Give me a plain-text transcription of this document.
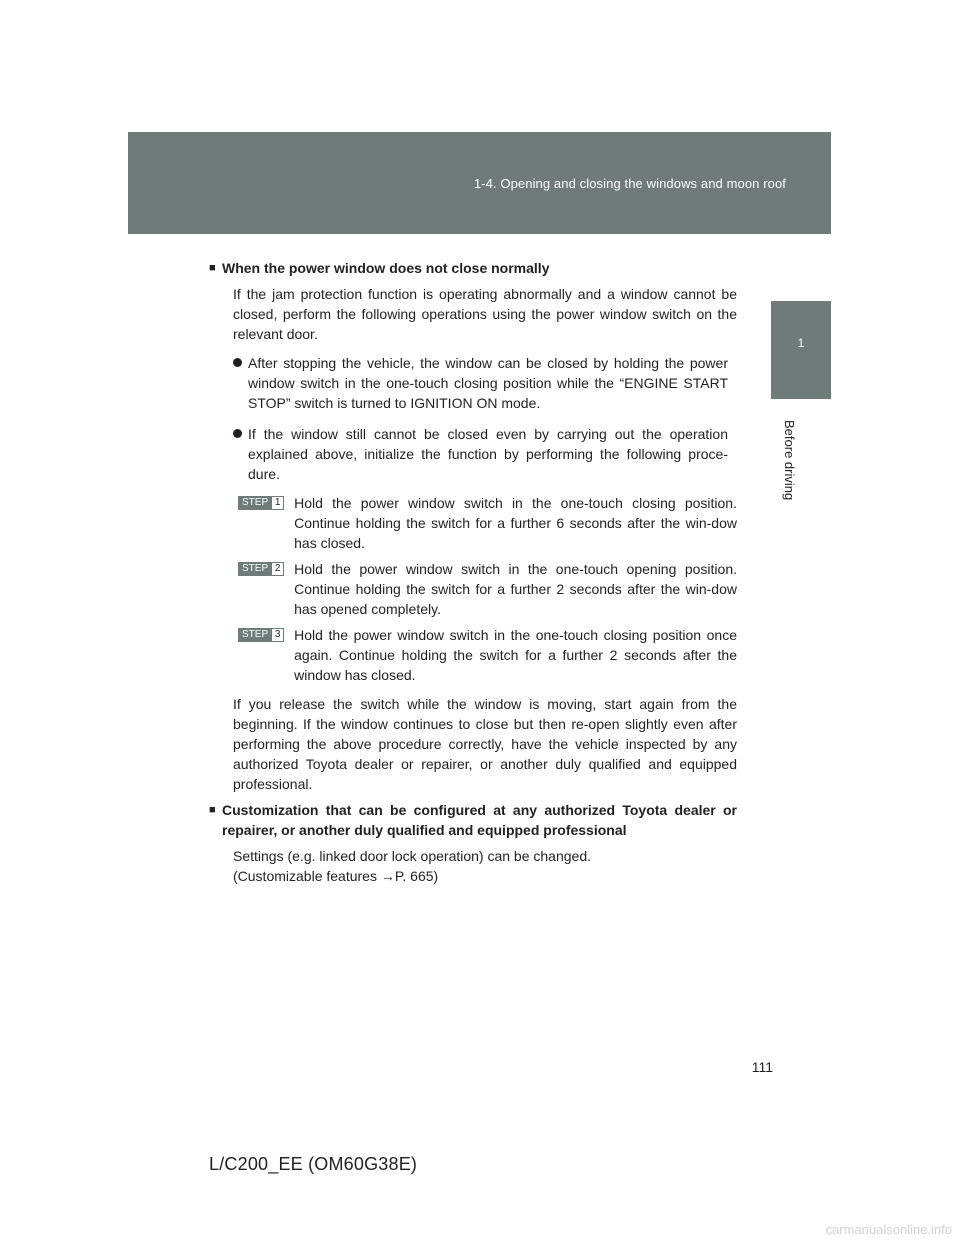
1-4. Opening and closing the windows and moon roof
1
Before driving
■ When the power window does not close normally
If the jam protection function is operating abnormally and a window cannot be closed, perform the following operations using the power window switch on the relevant door.
After stopping the vehicle, the window can be closed by holding the power window switch in the one-touch closing position while the “ENGINE START STOP” switch is turned to IGNITION ON mode.
If the window still cannot be closed even by carrying out the operation explained above, initialize the function by performing the following proce-dure.
STEP 1 Hold the power window switch in the one-touch closing position. Continue holding the switch for a further 6 seconds after the win-dow has closed.
STEP 2 Hold the power window switch in the one-touch opening position. Continue holding the switch for a further 2 seconds after the win-dow has opened completely.
STEP 3 Hold the power window switch in the one-touch closing position once again. Continue holding the switch for a further 2 seconds after the window has closed.
If you release the switch while the window is moving, start again from the beginning. If the window continues to close but then re-open slightly even after performing the above procedure correctly, have the vehicle inspected by any authorized Toyota dealer or repairer, or another duly qualified and equipped professional.
■ Customization that can be configured at any authorized Toyota dealer or repairer, or another duly qualified and equipped professional
Settings (e.g. linked door lock operation) can be changed.
(Customizable features →P. 665)
111
L/C200_EE (OM60G38E)
carmanualsonline.info
